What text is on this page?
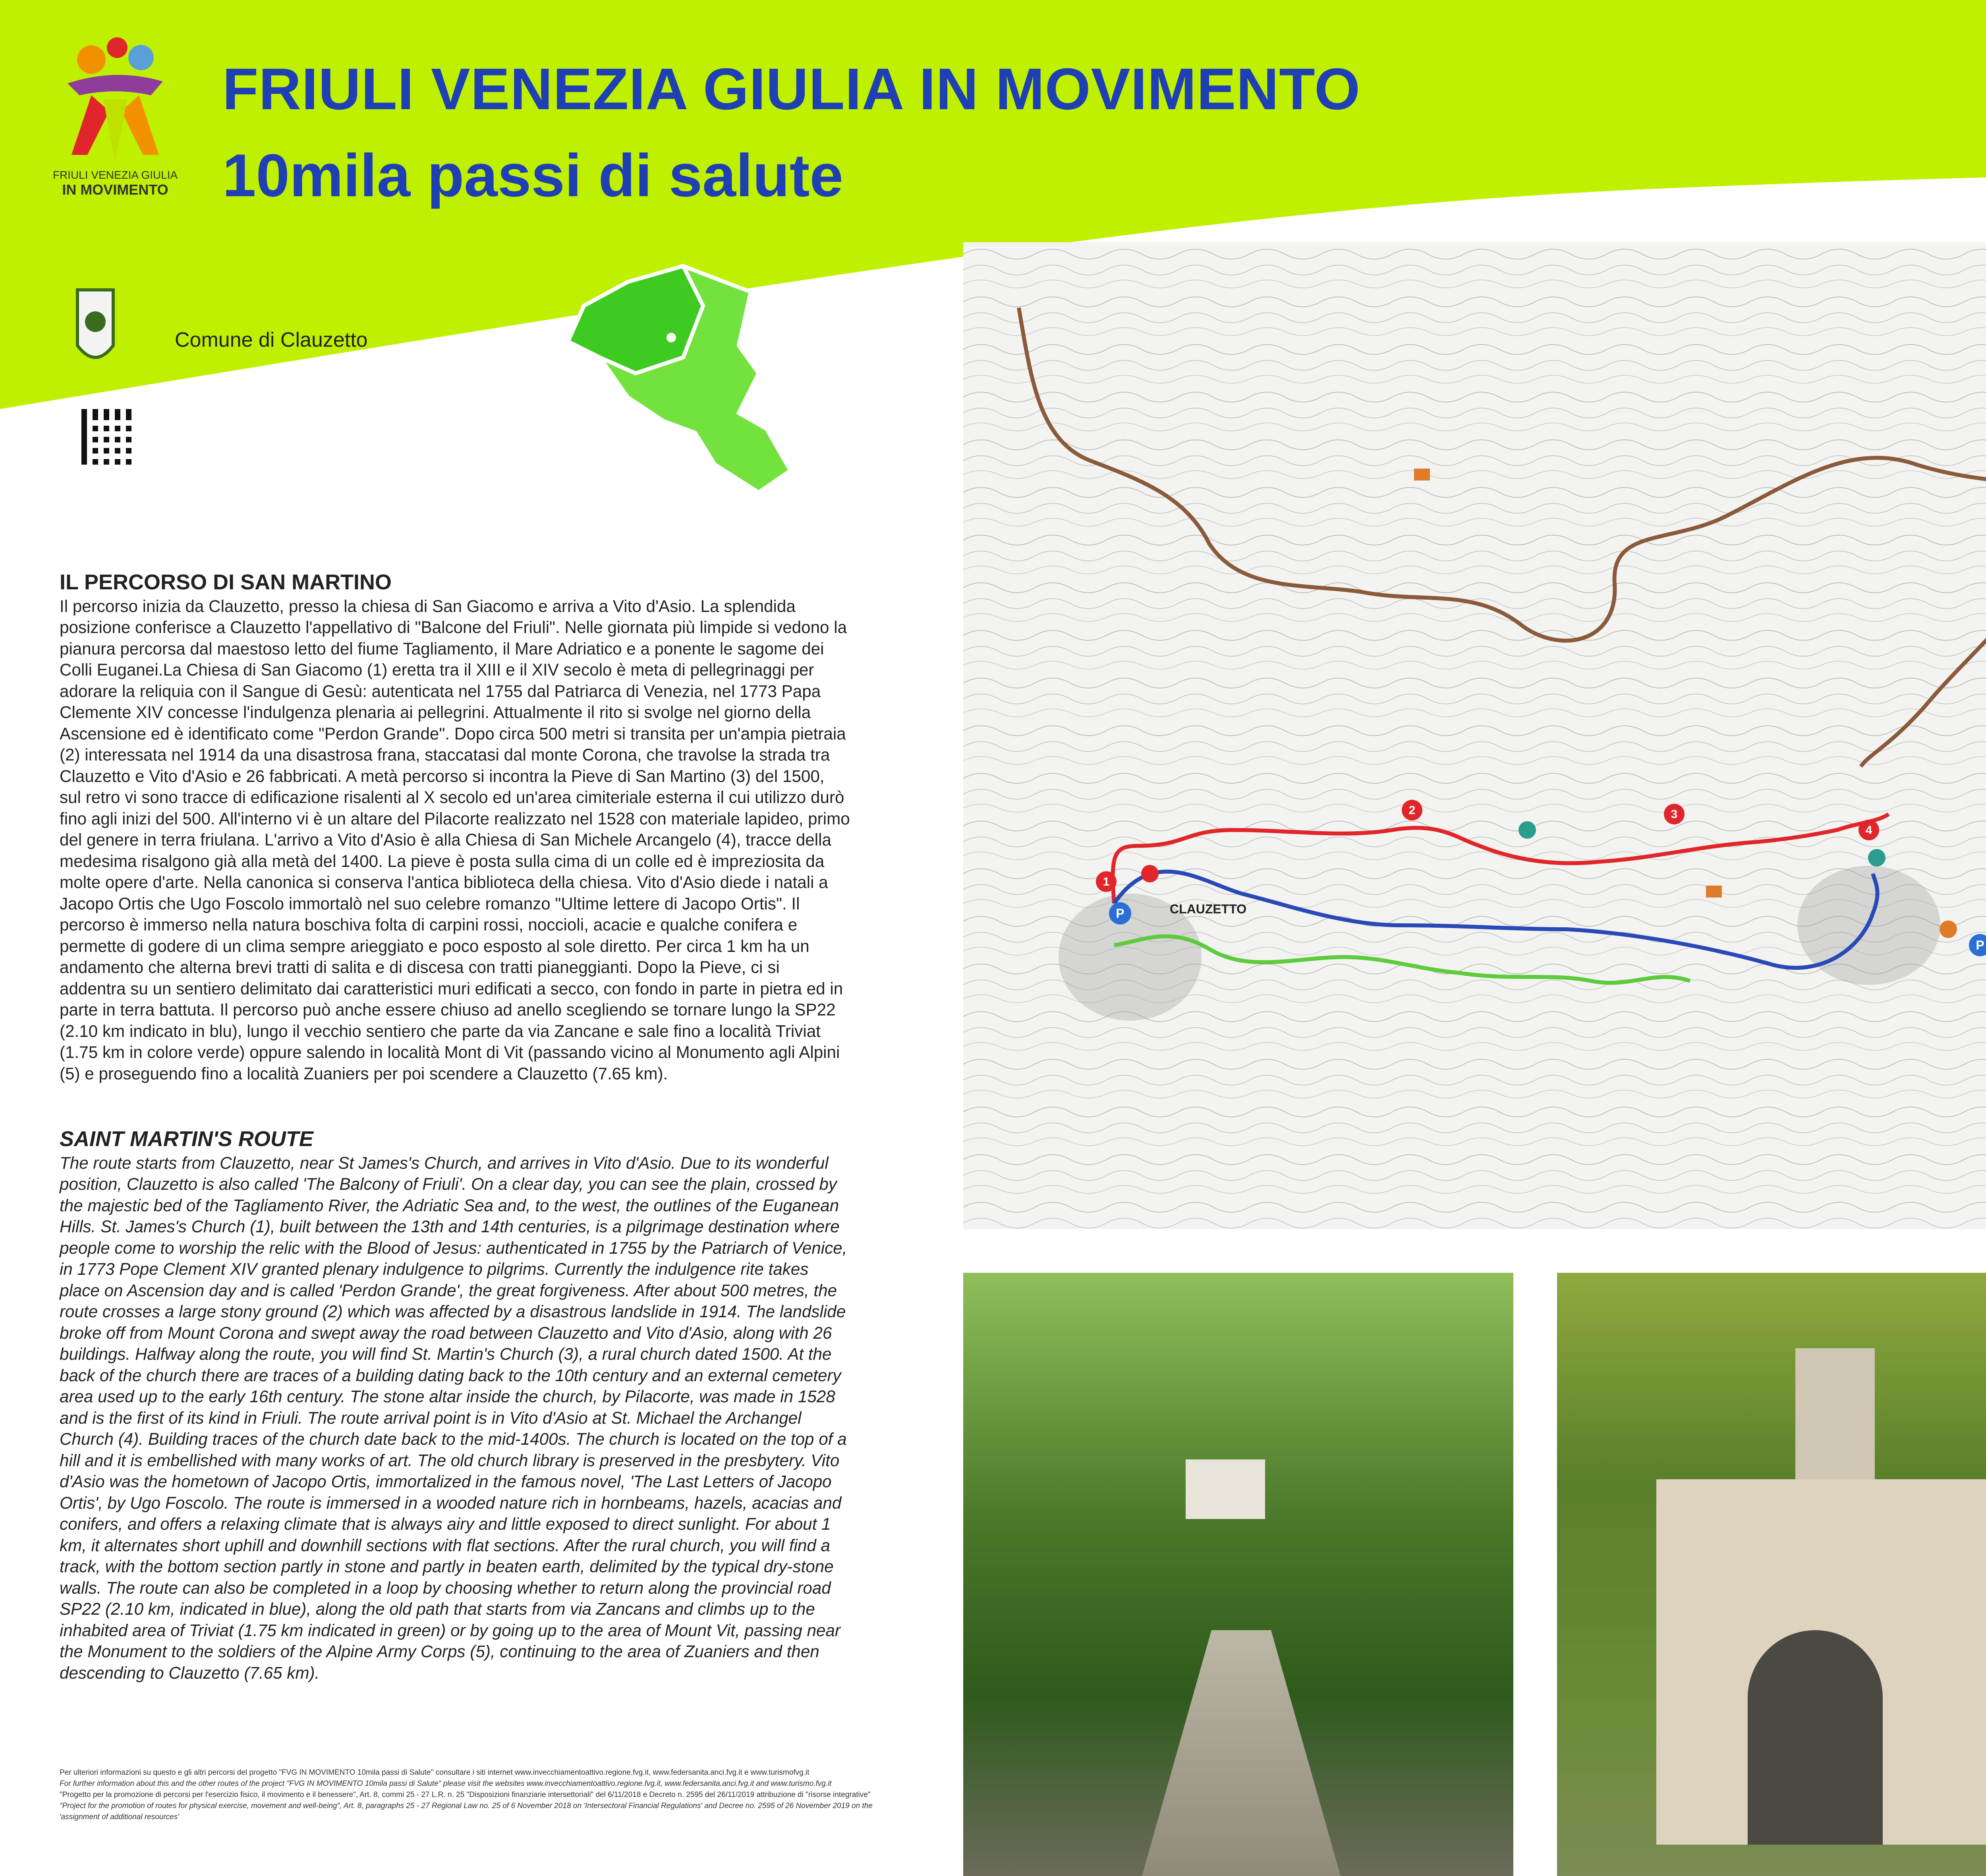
FRIULI VENEZIA GIULIA
IN MOVIMENTO
FRIULI VENEZIA GIULIA IN MOVIMENTO
10mila passi di salute
Comune di Clauzetto
IL PERCORSO DI SAN MARTINO

Il percorso inizia da Clauzetto, presso la chiesa di San Giacomo e arriva a Vito d'Asio. La splendida posizione conferisce a Clauzetto l'appellativo di "Balcone del Friuli". Nelle giornata più limpide si vedono la pianura percorsa dal maestoso letto del fiume Tagliamento, il Mare Adriatico e a ponente le sagome dei Colli Euganei.La Chiesa di San Giacomo (1) eretta tra il XIII e il XIV secolo è meta di pellegrinaggi per adorare la reliquia con il Sangue di Gesù: autenticata nel 1755 dal Patriarca di Venezia, nel 1773 Papa Clemente XIV concesse l'indulgenza plenaria ai pellegrini. Attualmente il rito si svolge nel giorno della Ascensione ed è identificato come "Perdon Grande". Dopo circa 500 metri si transita per un'ampia pietraia (2) interessata nel 1914 da una disastrosa frana, staccatasi dal monte Corona, che travolse la strada tra Clauzetto e Vito d'Asio e 26 fabbricati. A metà percorso si incontra la Pieve di San Martino (3) del 1500, sul retro vi sono tracce di edificazione risalenti al X secolo ed un'area cimiteriale esterna il cui utilizzo durò fino agli inizi del 500. All'interno vi è un altare del Pilacorte realizzato nel 1528 con materiale lapideo, primo del genere in terra friulana. L'arrivo a Vito d'Asio è alla Chiesa di San Michele Arcangelo (4), tracce della medesima risalgono già alla metà del 1400. La pieve è posta sulla cima di un colle ed è impreziosita da molte opere d'arte. Nella canonica si conserva l'antica biblioteca della chiesa. Vito d'Asio diede i natali a Jacopo Ortis che Ugo Foscolo immortalò nel suo celebre romanzo "Ultime lettere di Jacopo Ortis". Il percorso è immerso nella natura boschiva folta di carpini rossi, noccioli, acacie e qualche conifera e permette di godere di un clima sempre arieggiato e poco esposto al sole diretto. Per circa 1 km ha un andamento che alterna brevi tratti di salita e di discesa con tratti pianeggianti. Dopo la Pieve, ci si addentra su un sentiero delimitato dai caratteristici muri edificati a secco, con fondo in parte in pietra ed in parte in terra battuta. Il percorso può anche essere chiuso ad anello scegliendo se tornare lungo la SP22 (2.10 km indicato in blu), lungo il vecchio sentiero che parte da via Zancane e sale fino a località Triviat (1.75 km in colore verde) oppure salendo in località Mont di Vit (passando vicino al Monumento agli Alpini (5) e proseguendo fino a località Zuaniers per poi scendere a Clauzetto (7.65 km).

SAINT MARTIN'S ROUTE

The route starts from Clauzetto, near St James's Church, and arrives in Vito d'Asio. Due to its wonderful position, Clauzetto is also called 'The Balcony of Friuli'. On a clear day, you can see the plain, crossed by the majestic bed of the Tagliamento River, the Adriatic Sea and, to the west, the outlines of the Euganean Hills. St. James's Church (1), built between the 13th and 14th centuries, is a pilgrimage destination where people come to worship the relic with the Blood of Jesus: authenticated in 1755 by the Patriarch of Venice, in 1773 Pope Clement XIV granted plenary indulgence to pilgrims. Currently the indulgence rite takes place on Ascension day and is called 'Perdon Grande', the great forgiveness. After about 500 metres, the route crosses a large stony ground (2) which was affected by a disastrous landslide in 1914. The landslide broke off from Mount Corona and swept away the road between Clauzetto and Vito d'Asio, along with 26 buildings. Halfway along the route, you will find St. Martin's Church (3), a rural church dated 1500. At the back of the church there are traces of a building dating back to the 10th century and an external cemetery area used up to the early 16th century. The stone altar inside the church, by Pilacorte, was made in 1528 and is the first of its kind in Friuli. The route arrival point is in Vito d'Asio at St. Michael the Archangel Church (4). Building traces of the church date back to the mid-1400s. The church is located on the top of a hill and it is embellished with many works of art. The old church library is preserved in the presbytery. Vito d'Asio was the hometown of Jacopo Ortis, immortalized in the famous novel, 'The Last Letters of Jacopo Ortis', by Ugo Foscolo. The route is immersed in a wooded nature rich in hornbeams, hazels, acacias and conifers, and offers a relaxing climate that is always airy and little exposed to direct sunlight. For about 1 km, it alternates short uphill and downhill sections with flat sections. After the rural church, you will find a track, with the bottom section partly in stone and partly in beaten earth, delimited by the typical dry-stone walls. The route can also be completed in a loop by choosing whether to return along the provincial road SP22 (2.10 km, indicated in blue), along the old path that starts from via Zancans and climbs up to the inhabited area of Triviat (1.75 km indicated in green) or by going up to the area of Mount Vit, passing near the Monument to the soldiers of the Alpine Army Corps (5), continuing to the area of Zuaniers and then descending to Clauzetto (7.65 km).

Per ulteriori informazioni su questo e gli altri percorsi del progetto "FVG IN MOVIMENTO 10mila passi di Salute" consultare i siti internet www.invecchiamentoattivo.regione.fvg.it, www.federsanita.anci.fvg.it e www.turismofvg.it
For further information about this and the other routes of the project "FVG IN MOVIMENTO 10mila passi di Salute" please visit the websites www.invecchiamentoattivo.regione.fvg.it, www.federsanita.anci.fvg.it and www.turismo.fvg.it
"Progetto per la promozione di percorsi per l'esercizio fisico, il movimento e il benessere", Art. 8, commi 25 - 27 L.R. n. 25 "Disposizioni finanziarie intersettoriali" del 6/11/2018 e Decreto n. 2595 del 26/11/2019 attribuzione di "risorse integrative"
"Project for the promotion of routes for physical exercise, movement and well-being", Art. 8, paragraphs 25 - 27 Regional Law no. 25 of 6 November 2018 on 'Intersectoral Financial Regulations' and Decree no. 2595 of 26 November 2019 on the 'assignment of additional resources'
1
2	3
4
P
P
CLAUZETTO
